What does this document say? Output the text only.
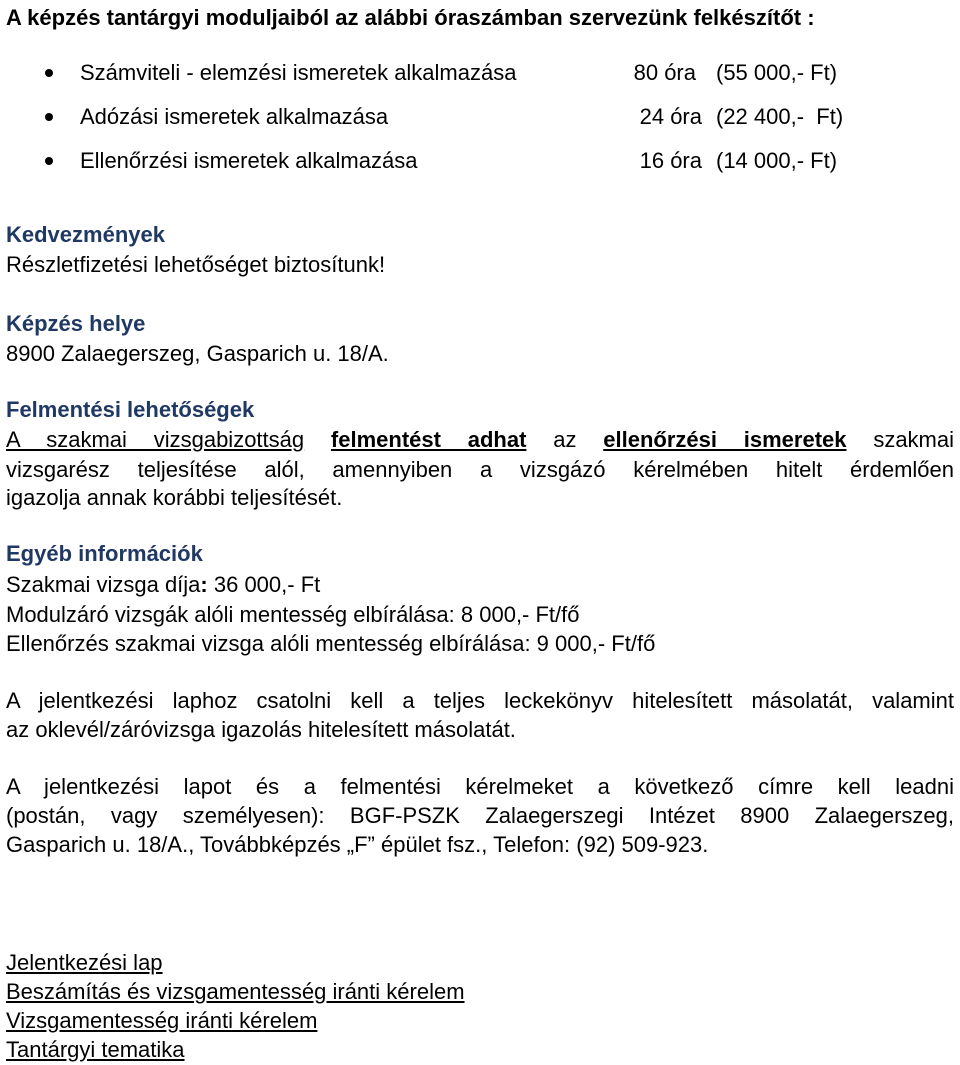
A képzés tantárgyi moduljaiból az alábbi óraszámban szervezünk felkészítőt :
Számviteli - elemzési ismeretek alkalmazása	80 óra (55 000,- Ft)
Adózási ismeretek alkalmazása	24 óra (22 400,-  Ft)
Ellenőrzési ismeretek alkalmazása	16 óra (14 000,- Ft)
Kedvezmények
Részletfizetési lehetőséget biztosítunk!
Képzés helye
8900 Zalaegerszeg, Gasparich u. 18/A.
Felmentési lehetőségek
A szakmai vizsgabizottság felmentést adhat az ellenőrzési ismeretek szakmai
vizsgarész teljesítése alól, amennyiben a vizsgázó kérelmében hitelt érdemlően
igazolja annak korábbi teljesítését.
Egyéb információk
Szakmai vizsga díja: 36 000,- Ft
Modulzáró vizsgák alóli mentesség elbírálása: 8 000,- Ft/fő
Ellenőrzés szakmai vizsga alóli mentesség elbírálása: 9 000,- Ft/fő
A jelentkezési laphoz csatolni kell a teljes leckekönyv hitelesített másolatát, valamint
az oklevél/záróvizsga igazolás hitelesített másolatát.
A jelentkezési lapot és a felmentési kérelmeket a következő címre kell leadni
(postán, vagy személyesen): BGF-PSZK Zalaegerszegi Intézet 8900 Zalaegerszeg,
Gasparich u. 18/A., Továbbképzés „F” épület fsz., Telefon: (92) 509-923.
Jelentkezési lap
Beszámítás és vizsgamentesség iránti kérelem
Vizsgamentesség iránti kérelem
Tantárgyi tematika
